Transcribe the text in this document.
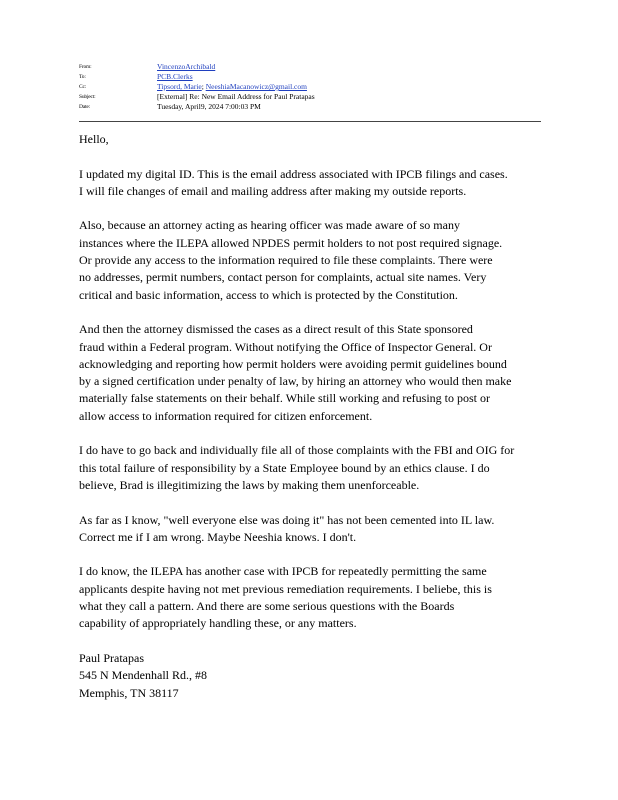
From:	VincenzoArchibald
To:	PCB.Clerks
Cc:	Tipsord, Marie; NeeshiaMacanowicz@gmail.com
Subject:	[External] Re: New Email Address for Paul Pratapas
Date:	Tuesday, April9, 2024 7:00:03 PM
Hello,
I updated my digital ID. This is the email address associated with IPCB filings and cases.
I will file changes of email and mailing address after making my outside reports.
Also, because an attorney acting as hearing officer was made aware of so many
instances where the ILEPA allowed NPDES permit holders to not post required signage.
Or provide any access to the information required to file these complaints. There were
no addresses, permit numbers, contact person for complaints, actual site names. Very
critical and basic information, access to which is protected by the Constitution.
And then the attorney dismissed the cases as a direct result of this State sponsored
fraud within a Federal program. Without notifying the Office of Inspector General. Or
acknowledging and reporting how permit holders were avoiding permit guidelines bound
by a signed certification under penalty of law, by hiring an attorney who would then make
materially false statements on their behalf. While still working and refusing to post or
allow access to information required for citizen enforcement.
I do have to go back and individually file all of those complaints with the FBI and OIG for
this total failure of responsibility by a State Employee bound by an ethics clause. I do
believe, Brad is illegitimizing the laws by making them unenforceable.
As far as I know, "well everyone else was doing it" has not been cemented into IL law.
Correct me if I am wrong. Maybe Neeshia knows. I don't.
I do know, the ILEPA has another case with IPCB for repeatedly permitting the same
applicants despite having not met previous remediation requirements. I beliebe, this is
what they call a pattern. And there are some serious questions with the Boards
capability of appropriately handling these, or any matters.
Paul Pratapas
545 N Mendenhall Rd., #8
Memphis, TN 38117
